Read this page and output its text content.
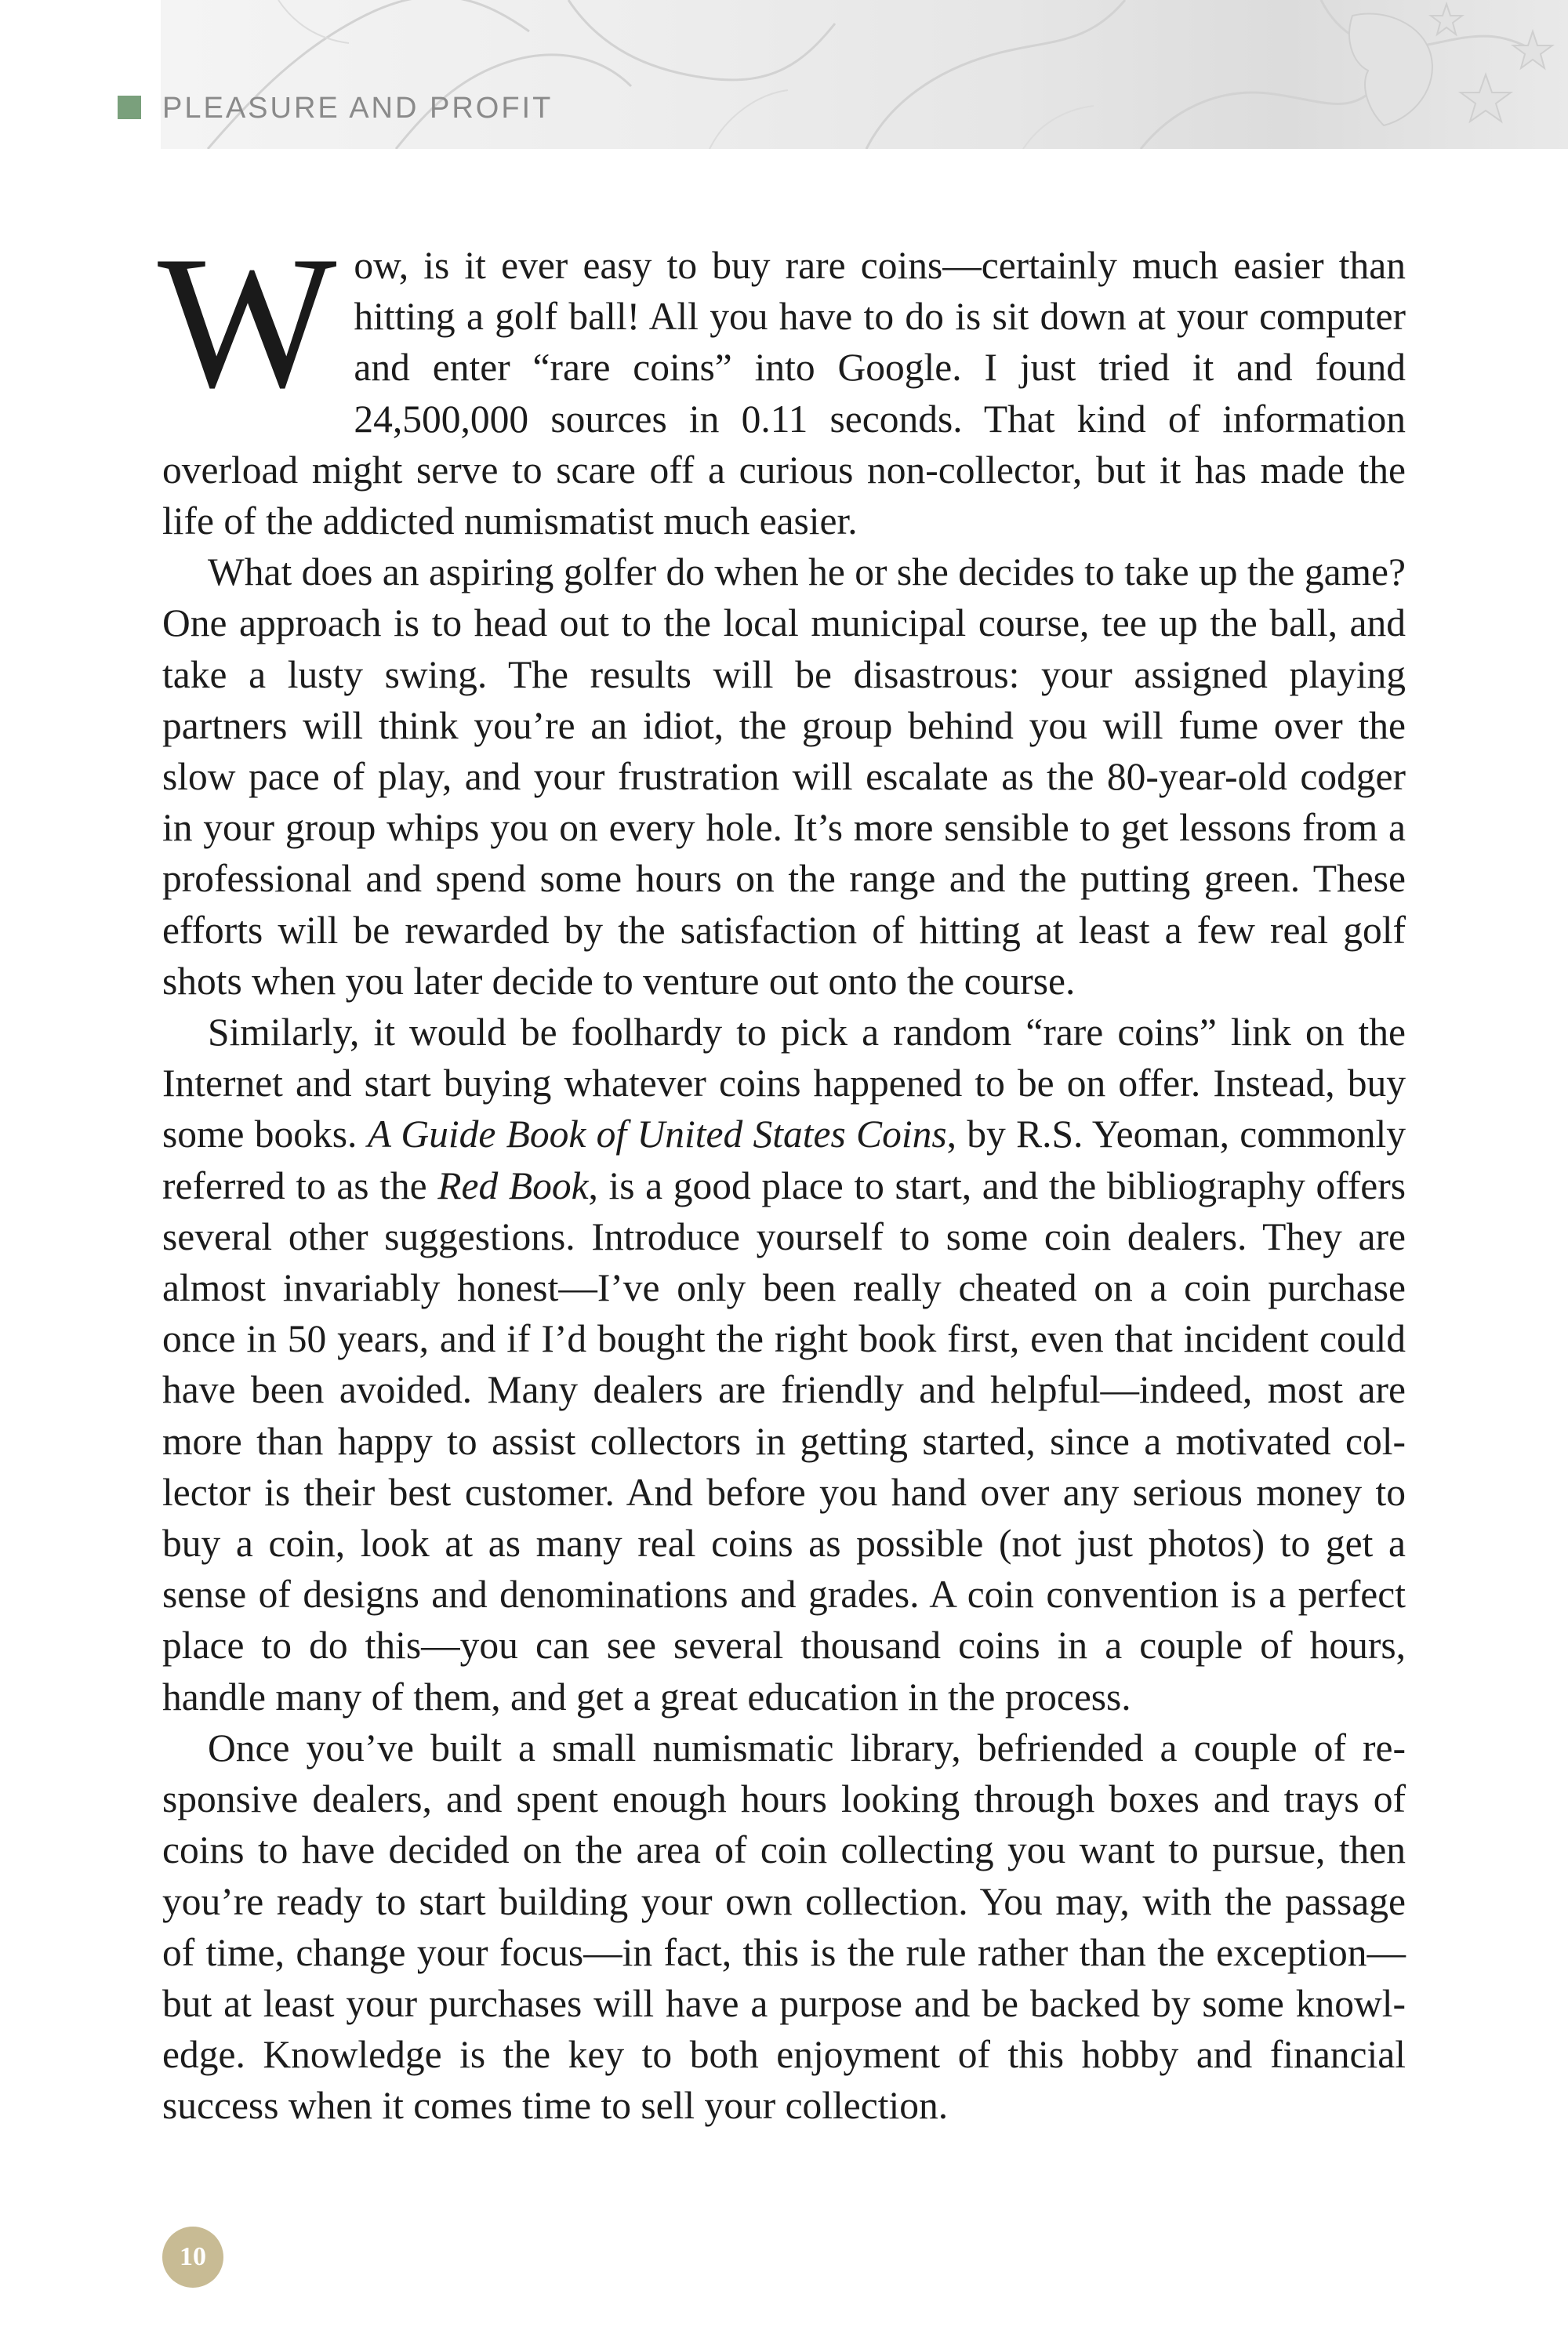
PLEASURE AND PROFIT

Wow, is it ever easy to buy rare coins—certainly much easier than hitting a golf ball! All you have to do is sit down at your computer and enter “rare coins” into Google. I just tried it and found 24,500,000 sources in 0.11 seconds. That kind of information overload might serve to scare off a curious non-collector, but it has made the life of the addicted numismatist much easier.

What does an aspiring golfer do when he or she decides to take up the game? One approach is to head out to the local municipal course, tee up the ball, and take a lusty swing. The results will be disastrous: your assigned playing partners will think you’re an idiot, the group behind you will fume over the slow pace of play, and your frustration will escalate as the 80-year-old codger in your group whips you on every hole. It’s more sensible to get lessons from a professional and spend some hours on the range and the putting green. These efforts will be rewarded by the satisfaction of hitting at least a few real golf shots when you later decide to venture out onto the course.

Similarly, it would be foolhardy to pick a random “rare coins” link on the Internet and start buying whatever coins happened to be on offer. Instead, buy some books. A Guide Book of United States Coins, by R.S. Yeoman, commonly referred to as the Red Book, is a good place to start, and the bibliography offers several other suggestions. Introduce yourself to some coin dealers. They are almost invariably honest—I’ve only been really cheated on a coin purchase once in 50 years, and if I’d bought the right book first, even that incident could have been avoided. Many dealers are friendly and helpful—indeed, most are more than happy to assist collectors in getting started, since a motivated collector is their best customer. And before you hand over any serious money to buy a coin, look at as many real coins as possible (not just photos) to get a sense of designs and denominations and grades. A coin convention is a perfect place to do this—you can see several thousand coins in a couple of hours, handle many of them, and get a great education in the process.

Once you’ve built a small numismatic library, befriended a couple of responsive dealers, and spent enough hours looking through boxes and trays of coins to have decided on the area of coin collecting you want to pursue, then you’re ready to start building your own collection. You may, with the passage of time, change your focus—in fact, this is the rule rather than the exception—but at least your purchases will have a purpose and be backed by some knowledge. Knowledge is the key to both enjoyment of this hobby and financial success when it comes time to sell your collection.

10
